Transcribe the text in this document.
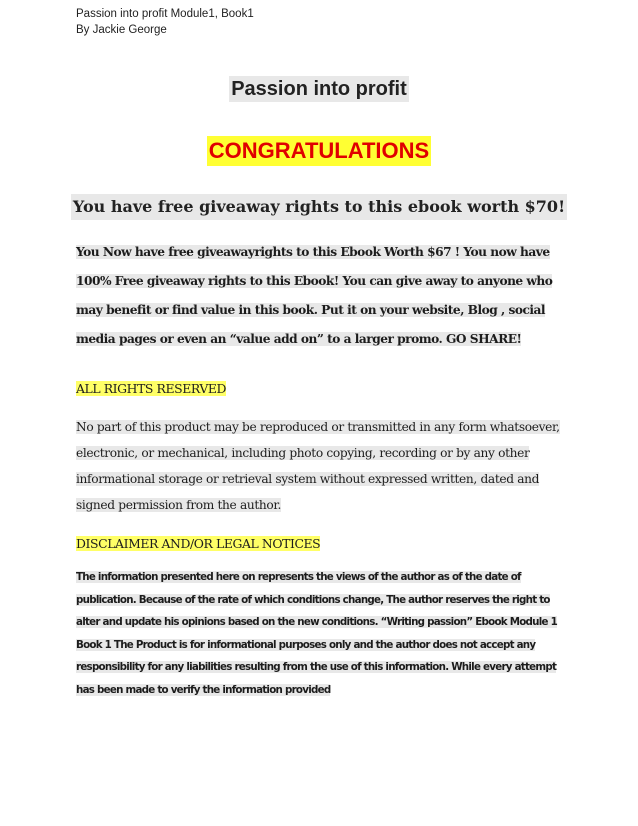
Passion into profit Module1, Book1
By Jackie George
Passion into profit
CONGRATULATIONS
You have free giveaway rights to this ebook worth $70!
You Now have free giveawayrights to this Ebook Worth $67 ! You now have 100% Free giveaway rights to this Ebook! You can give away to anyone who may benefit or find value in this book. Put it on your website, Blog , social media pages or even an “value add on” to a larger promo. GO SHARE!
ALL RIGHTS RESERVED
No part of this product may be reproduced or transmitted in any form whatsoever, electronic, or mechanical, including photo copying, recording or by any other informational storage or retrieval system without expressed written, dated and signed permission from the author.
DISCLAIMER AND/OR LEGAL NOTICES
The information presented here on represents the views of the author as of the date of publication. Because of the rate of which conditions change, The author reserves the right to alter and update his opinions based on the new conditions. “Writing passion” Ebook Module 1 Book 1 The Product is for informational purposes only and the author does not accept any responsibility for any liabilities resulting from the use of this information. While every attempt has been made to verify the information provided
